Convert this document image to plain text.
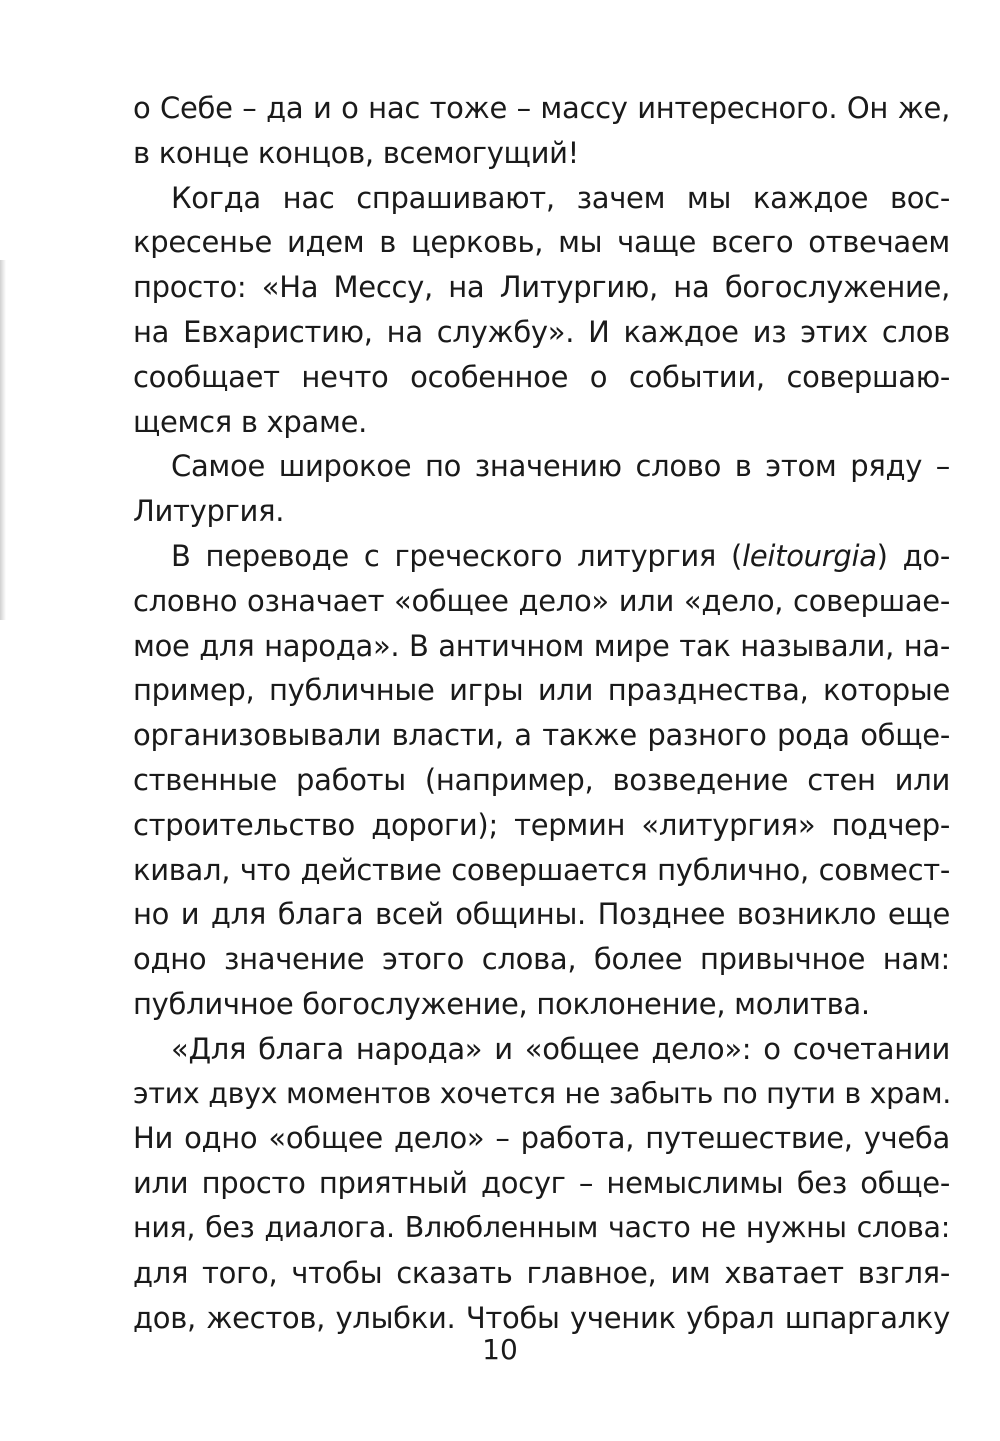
о Себе – да и о нас тоже – массу интересного. Он же,
в конце концов, всемогущий!
Когда нас спрашивают, зачем мы каждое вос-
кресенье идем в церковь, мы чаще всего отвечаем
просто: «На Мессу, на Литургию, на богослужение,
на Евхаристию, на службу». И каждое из этих слов
сообщает нечто особенное о событии, совершаю-
щемся в храме.
Самое широкое по значению слово в этом ряду –
Литургия.
В переводе с греческого литургия (leitourgia) до-
словно означает «общее дело» или «дело, совершае-
мое для народа». В античном мире так называли, на-
пример, публичные игры или празднества, которые
организовывали власти, а также разного рода обще-
ственные работы (например, возведение стен или
строительство дороги); термин «литургия» подчер-
кивал, что действие совершается публично, совмест-
но и для блага всей общины. Позднее возникло еще
одно значение этого слова, более привычное нам:
публичное богослужение, поклонение, молитва.
«Для блага народа» и «общее дело»: о сочетании
этих двух моментов хочется не забыть по пути в храм.
Ни одно «общее дело» – работа, путешествие, учеба
или просто приятный досуг – немыслимы без обще-
ния, без диалога. Влюбленным часто не нужны слова:
для того, чтобы сказать главное, им хватает взгля-
дов, жестов, улыбки. Чтобы ученик убрал шпаргалку
10
